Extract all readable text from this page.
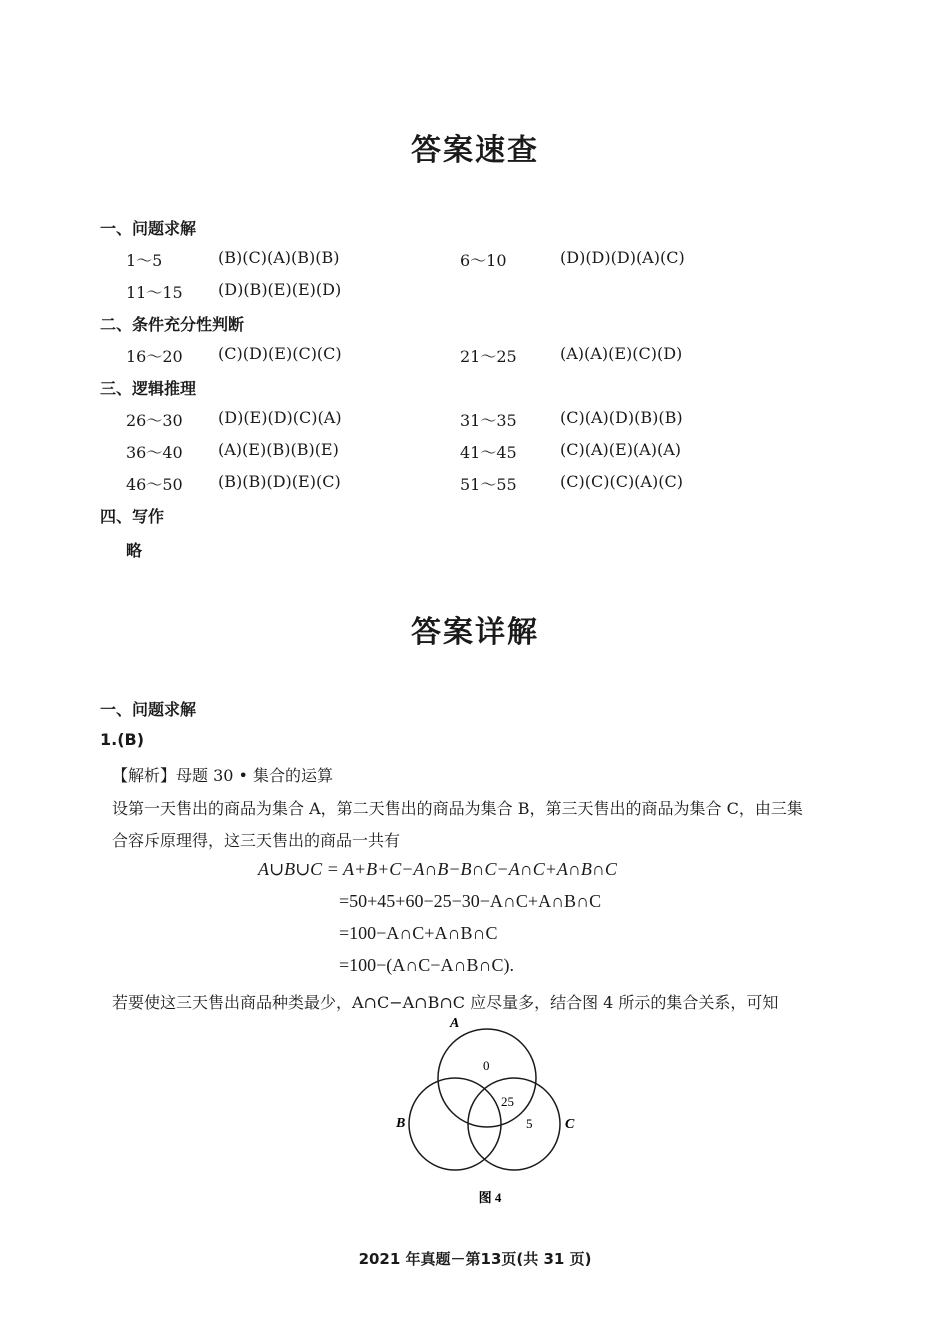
答案速查
一、问题求解
1～5	(B)(C)(A)(B)(B)	6～10	(D)(D)(D)(A)(C)
11～15 (D)(B)(E)(E)(D)
二、条件充分性判断
16～20 (C)(D)(E)(C)(C)	21～25	(A)(A)(E)(C)(D)
三、逻辑推理
26～30 (D)(E)(D)(C)(A)	31～35	(C)(A)(D)(B)(B)
36～40 (A)(E)(B)(B)(E)	41～45	(C)(A)(E)(A)(A)
46～50 (B)(B)(D)(E)(C)	51～55	(C)(C)(C)(A)(C)
四、写作
略
答案详解
一、问题求解
1.(B)
【解析】母题 30 • 集合的运算
设第一天售出的商品为集合 A，第二天售出的商品为集合 B，第三天售出的商品为集合 C，由三集
合容斥原理得，这三天售出的商品一共有
A∪B∪C = A+B+C−A∩B−B∩C−A∩C+A∩B∩C
=50+45+60−25−30−A∩C+A∩B∩C
=100−A∩C+A∩B∩C
=100−(A∩C−A∩B∩C).
若要使这三天售出商品种类最少，A∩C−A∩B∩C 应尽量多，结合图 4 所示的集合关系，可知
A
B	C
0
25
5
图 4
2021 年真题－第13页(共 31 页)
